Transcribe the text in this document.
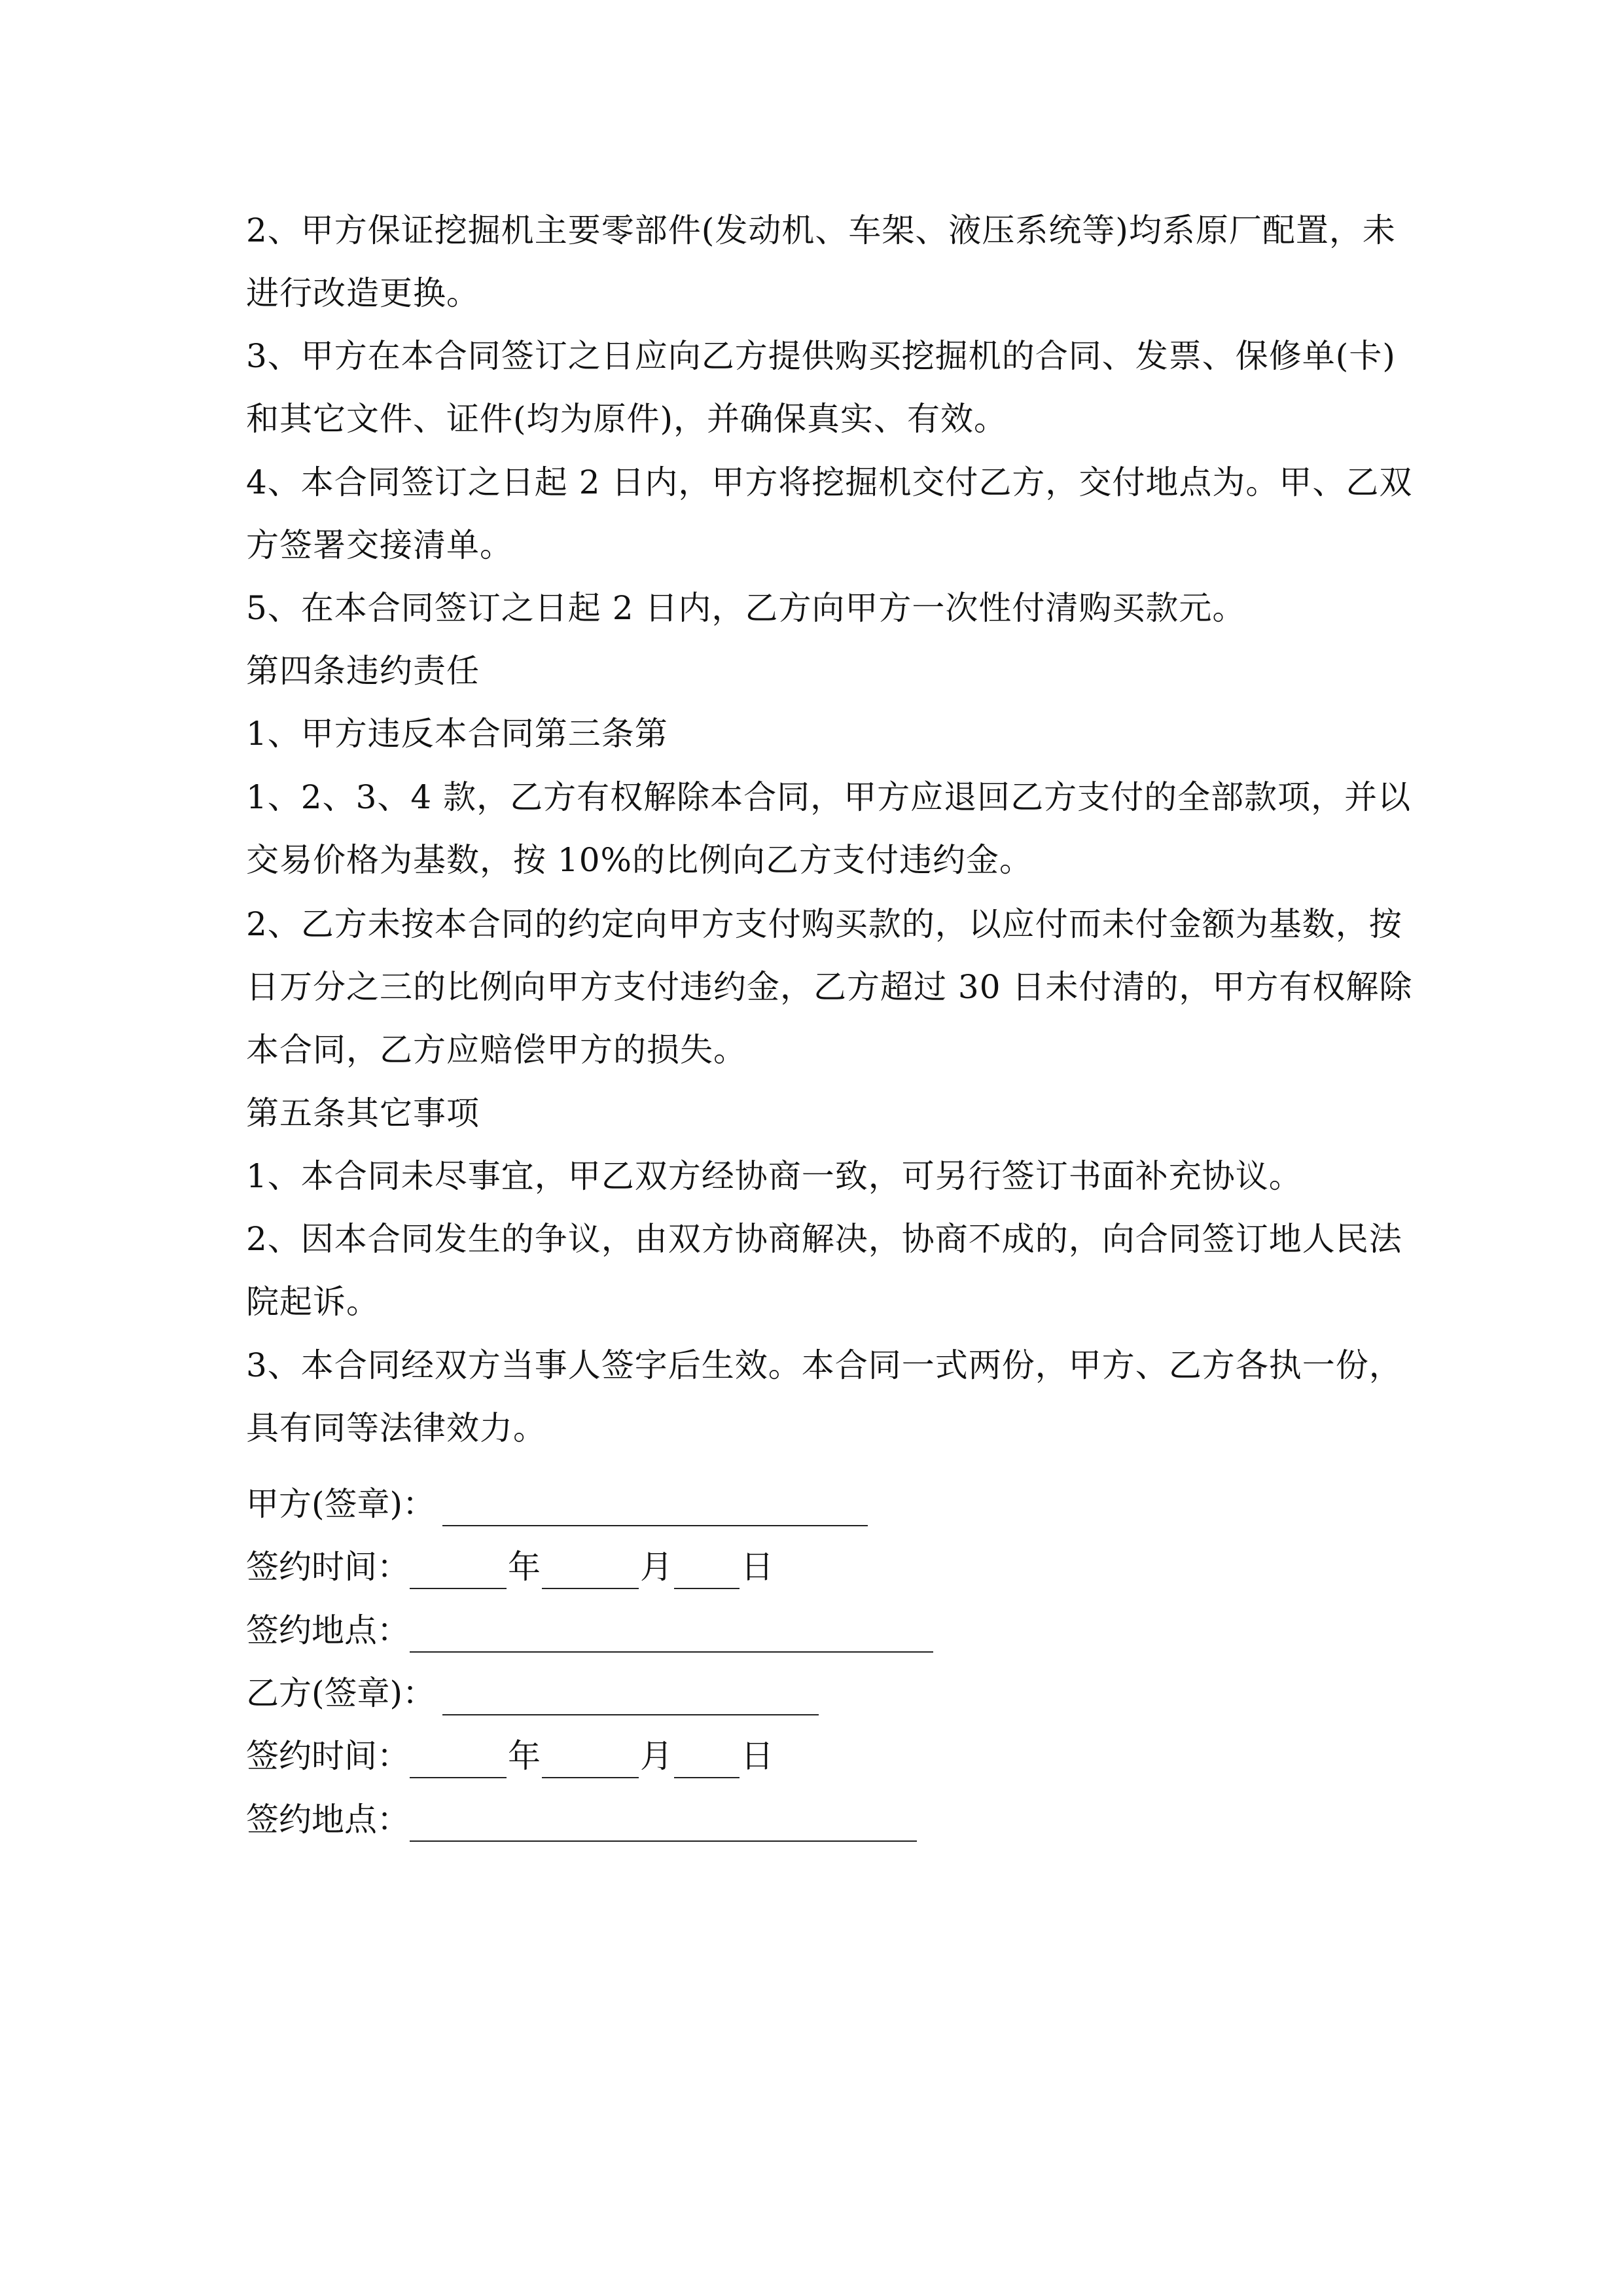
2、甲方保证挖掘机主要零部件(发动机、车架、液压系统等)均系原厂配置，未
进行改造更换。
3、甲方在本合同签订之日应向乙方提供购买挖掘机的合同、发票、保修单(卡)
和其它文件、证件(均为原件)，并确保真实、有效。
4、本合同签订之日起 2 日内，甲方将挖掘机交付乙方，交付地点为。甲、乙双
方签署交接清单。
5、在本合同签订之日起 2 日内，乙方向甲方一次性付清购买款元。
第四条违约责任
1、甲方违反本合同第三条第
1、2、3、4 款，乙方有权解除本合同，甲方应退回乙方支付的全部款项，并以
交易价格为基数，按 10%的比例向乙方支付违约金。
2、乙方未按本合同的约定向甲方支付购买款的，以应付而未付金额为基数，按
日万分之三的比例向甲方支付违约金，乙方超过 30 日未付清的，甲方有权解除
本合同，乙方应赔偿甲方的损失。
第五条其它事项
1、本合同未尽事宜，甲乙双方经协商一致，可另行签订书面补充协议。
2、因本合同发生的争议，由双方协商解决，协商不成的，向合同签订地人民法
院起诉。
3、本合同经双方当事人签字后生效。本合同一式两份，甲方、乙方各执一份，
具有同等法律效力。
甲方(签章)：
签约时间：	年	月 日
签约地点：
乙方(签章)：
签约时间：	年	月 日
签约地点：
